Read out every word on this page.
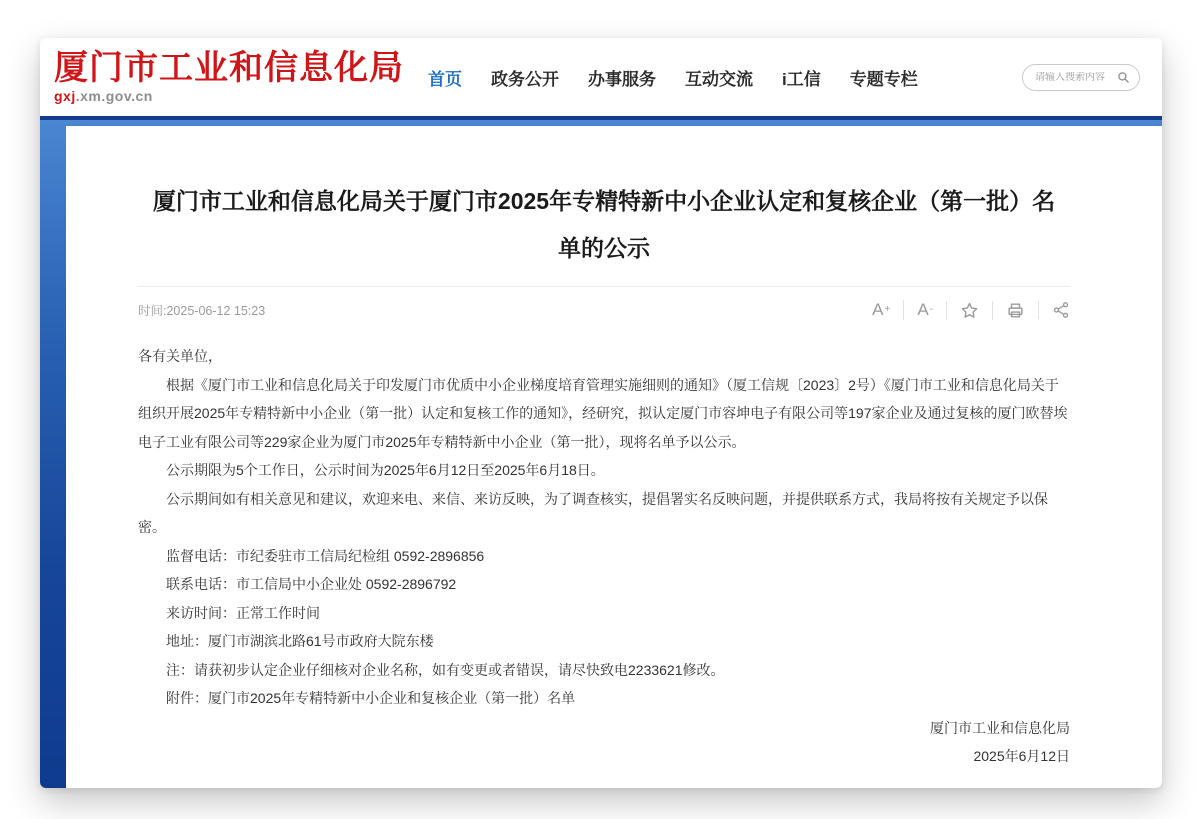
厦门市工业和信息化局
gxj.xm.gov.cn
首页 政务公开 办事服务 互动交流 i工信 专题专栏
请输入搜索内容
厦门市工业和信息化局关于厦门市2025年专精特新中小企业认定和复核企业（第一批）名单的公示
时间:2025-06-12 15:23	A + A -

各有关单位，

根据《厦门市工业和信息化局关于印发厦门市优质中小企业梯度培育管理实施细则的通知》（厦工信规〔2023〕2号）《厦门市工业和信息化局关于组织开展2025年专精特新中小企业（第一批）认定和复核工作的通知》，经研究，拟认定厦门市容坤电子有限公司等197家企业及通过复核的厦门欧替埃电子工业有限公司等229家企业为厦门市2025年专精特新中小企业（第一批），现将名单予以公示。

公示期限为5个工作日，公示时间为2025年6月12日至2025年6月18日。

公示期间如有相关意见和建议，欢迎来电、来信、来访反映，为了调查核实，提倡署实名反映问题，并提供联系方式，我局将按有关规定予以保密。

监督电话：市纪委驻市工信局纪检组 0592-2896856

联系电话：市工信局中小企业处 0592-2896792

来访时间：正常工作时间

地址：厦门市湖滨北路61号市政府大院东楼

注：请获初步认定企业仔细核对企业名称，如有变更或者错误，请尽快致电2233621修改。

附件：厦门市2025年专精特新中小企业和复核企业（第一批）名单

厦门市工业和信息化局

2025年6月12日
